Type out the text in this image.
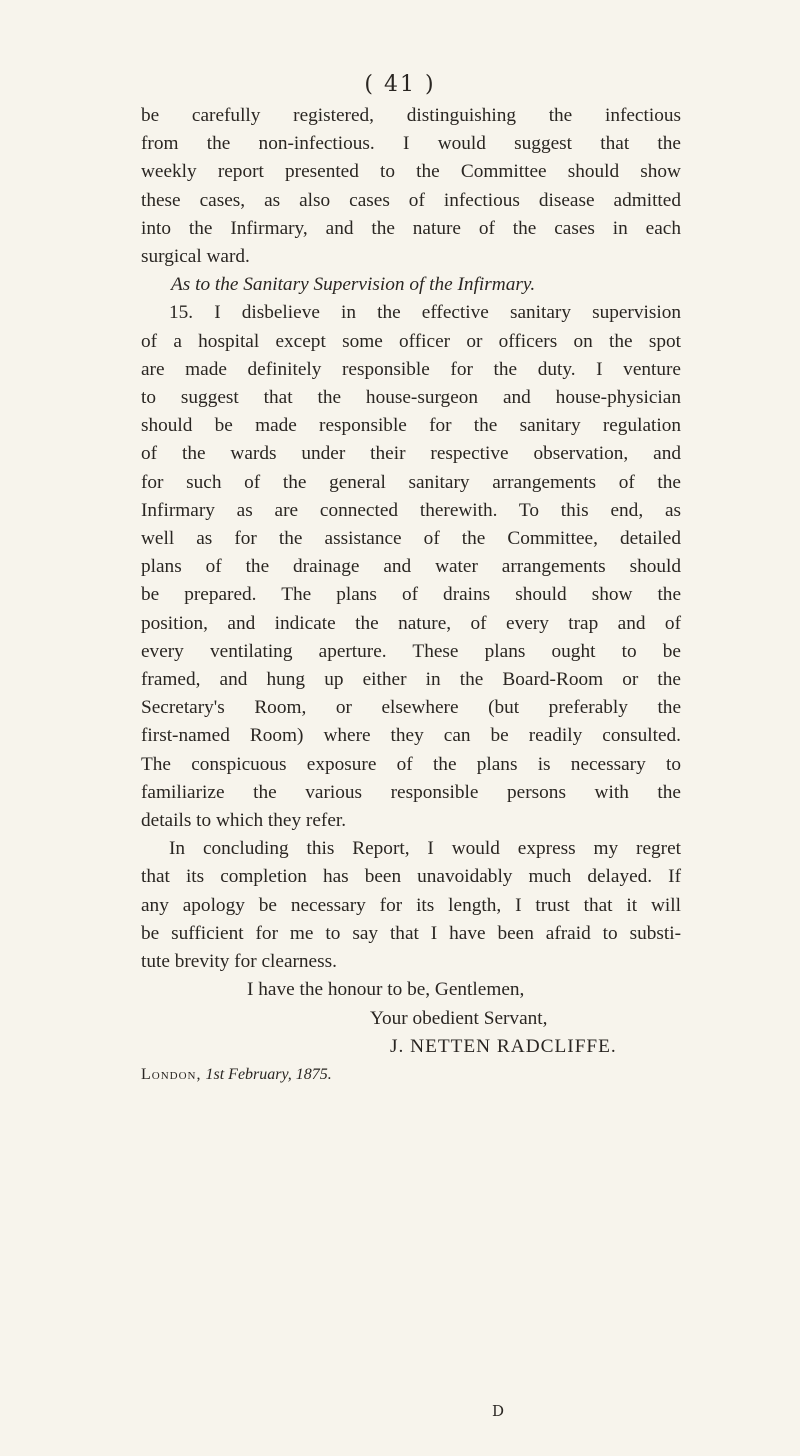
( 41 )
be carefully registered, distinguishing the infectious
from the non-infectious. I would suggest that the
weekly report presented to the Committee should show
these cases, as also cases of infectious disease admitted
into the Infirmary, and the nature of the cases in each
surgical ward.
As to the Sanitary Supervision of the Infirmary.
15. I disbelieve in the effective sanitary supervision
of a hospital except some officer or officers on the spot
are made definitely responsible for the duty. I venture
to suggest that the house-surgeon and house-physician
should be made responsible for the sanitary regulation
of the wards under their respective observation, and
for such of the general sanitary arrangements of the
Infirmary as are connected therewith. To this end, as
well as for the assistance of the Committee, detailed
plans of the drainage and water arrangements should
be prepared. The plans of drains should show the
position, and indicate the nature, of every trap and of
every ventilating aperture. These plans ought to be
framed, and hung up either in the Board-Room or the
Secretary's Room, or elsewhere (but preferably the
first-named Room) where they can be readily consulted.
The conspicuous exposure of the plans is necessary to
familiarize the various responsible persons with the
details to which they refer.
In concluding this Report, I would express my regret
that its completion has been unavoidably much delayed. If
any apology be necessary for its length, I trust that it will
be sufficient for me to say that I have been afraid to substi-
tute brevity for clearness.
I have the honour to be, Gentlemen,
Your obedient Servant,
J. NETTEN RADCLIFFE.
London, 1st February, 1875.
D
